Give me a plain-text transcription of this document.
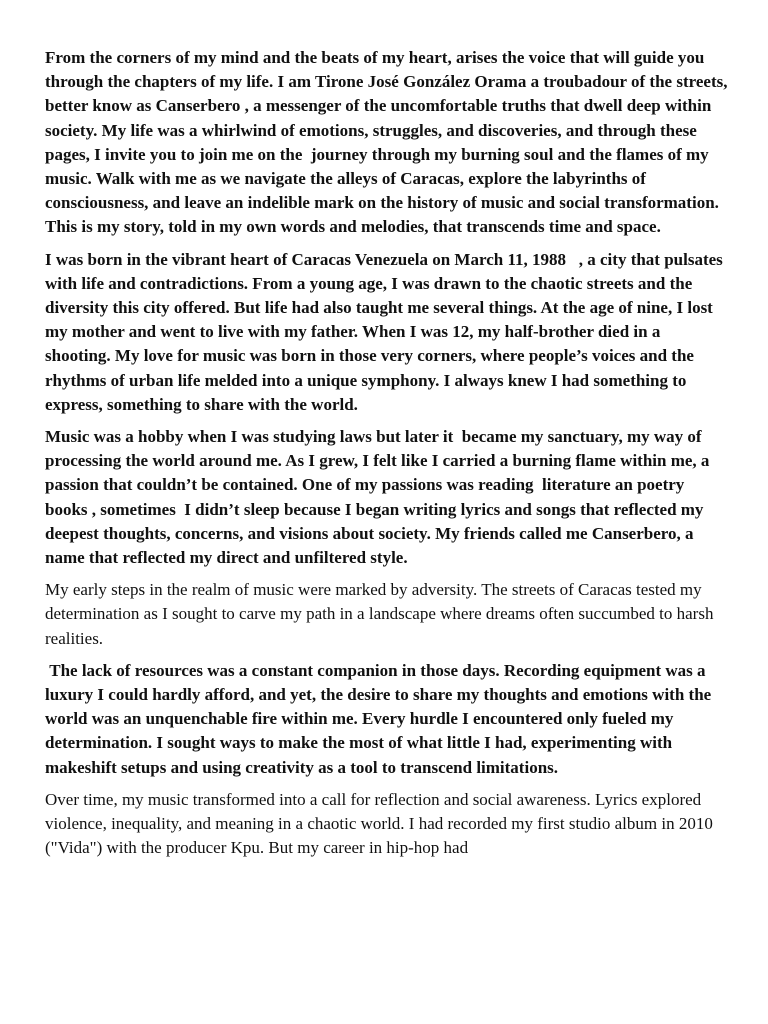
From the corners of my mind and the beats of my heart, arises the voice that will guide you through the chapters of my life. I am Tirone José González Orama a troubadour of the streets, better know as Canserbero , a messenger of the uncomfortable truths that dwell deep within society. My life was a whirlwind of emotions, struggles, and discoveries, and through these pages, I invite you to join me on the  journey through my burning soul and the flames of my music. Walk with me as we navigate the alleys of Caracas, explore the labyrinths of consciousness, and leave an indelible mark on the history of music and social transformation. This is my story, told in my own words and melodies, that transcends time and space.

I was born in the vibrant heart of Caracas Venezuela on March 11, 1988   , a city that pulsates with life and contradictions. From a young age, I was drawn to the chaotic streets and the diversity this city offered. But life had also taught me several things. At the age of nine, I lost my mother and went to live with my father. When I was 12, my half-brother died in a shooting. My love for music was born in those very corners, where people’s voices and the rhythms of urban life melded into a unique symphony. I always knew I had something to express, something to share with the world.

Music was a hobby when I was studying laws but later it  became my sanctuary, my way of processing the world around me. As I grew, I felt like I carried a burning flame within me, a passion that couldn’t be contained. One of my passions was reading  literature an poetry books , sometimes  I didn’t sleep because I began writing lyrics and songs that reflected my deepest thoughts, concerns, and visions about society. My friends called me Canserbero, a name that reflected my direct and unfiltered style.

My early steps in the realm of music were marked by adversity. The streets of Caracas tested my determination as I sought to carve my path in a landscape where dreams often succumbed to harsh realities.

The lack of resources was a constant companion in those days. Recording equipment was a luxury I could hardly afford, and yet, the desire to share my thoughts and emotions with the world was an unquenchable fire within me. Every hurdle I encountered only fueled my determination. I sought ways to make the most of what little I had, experimenting with makeshift setups and using creativity as a tool to transcend limitations.

Over time, my music transformed into a call for reflection and social awareness. Lyrics explored violence, inequality, and meaning in a chaotic world. I had recorded my first studio album in 2010 ("Vida") with the producer Kpu. But my career in hip-hop had
